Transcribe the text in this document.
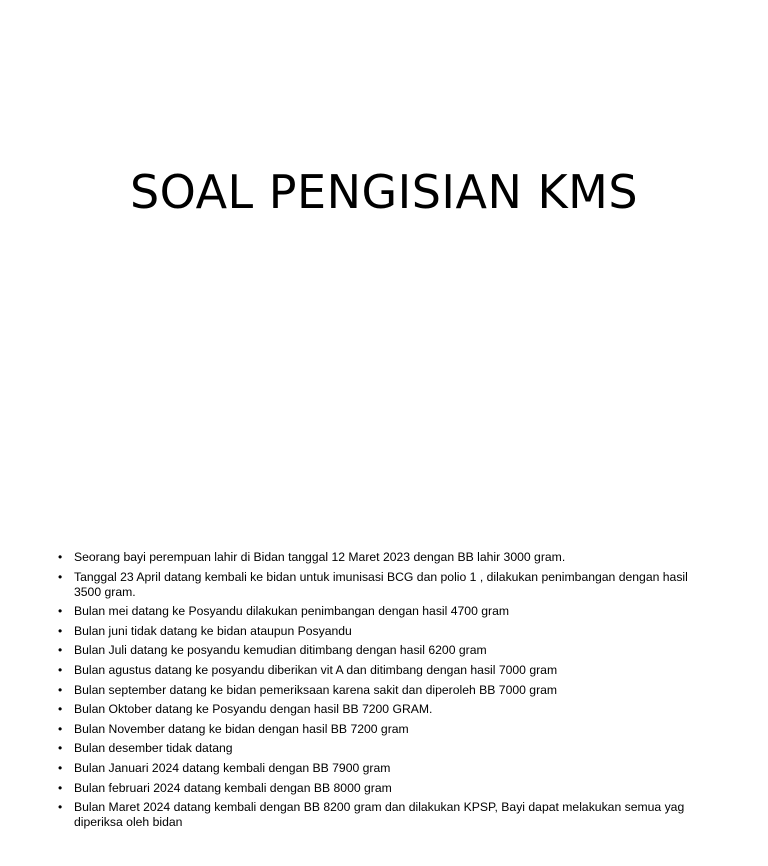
SOAL PENGISIAN KMS
• Seorang bayi perempuan lahir di Bidan tanggal 12 Maret 2023 dengan BB lahir 3000 gram.
• Tanggal 23 April datang kembali ke bidan untuk imunisasi BCG dan polio 1 , dilakukan penimbangan dengan hasil 3500 gram.
• Bulan mei datang ke Posyandu dilakukan penimbangan dengan hasil 4700 gram
• Bulan juni tidak datang ke bidan ataupun Posyandu
• Bulan Juli datang ke posyandu kemudian ditimbang dengan hasil 6200 gram
• Bulan agustus datang ke posyandu diberikan vit A dan ditimbang dengan hasil 7000 gram
• Bulan september datang ke bidan pemeriksaan karena sakit dan diperoleh BB 7000 gram
• Bulan Oktober datang ke Posyandu dengan hasil BB 7200 GRAM.
• Bulan November datang ke bidan dengan hasil BB 7200 gram
• Bulan desember tidak datang
• Bulan Januari 2024 datang kembali dengan BB 7900 gram
• Bulan februari 2024 datang kembali dengan BB 8000 gram
• Bulan Maret 2024 datang kembali dengan BB 8200 gram dan dilakukan KPSP, Bayi dapat melakukan semua yag diperiksa oleh bidan
